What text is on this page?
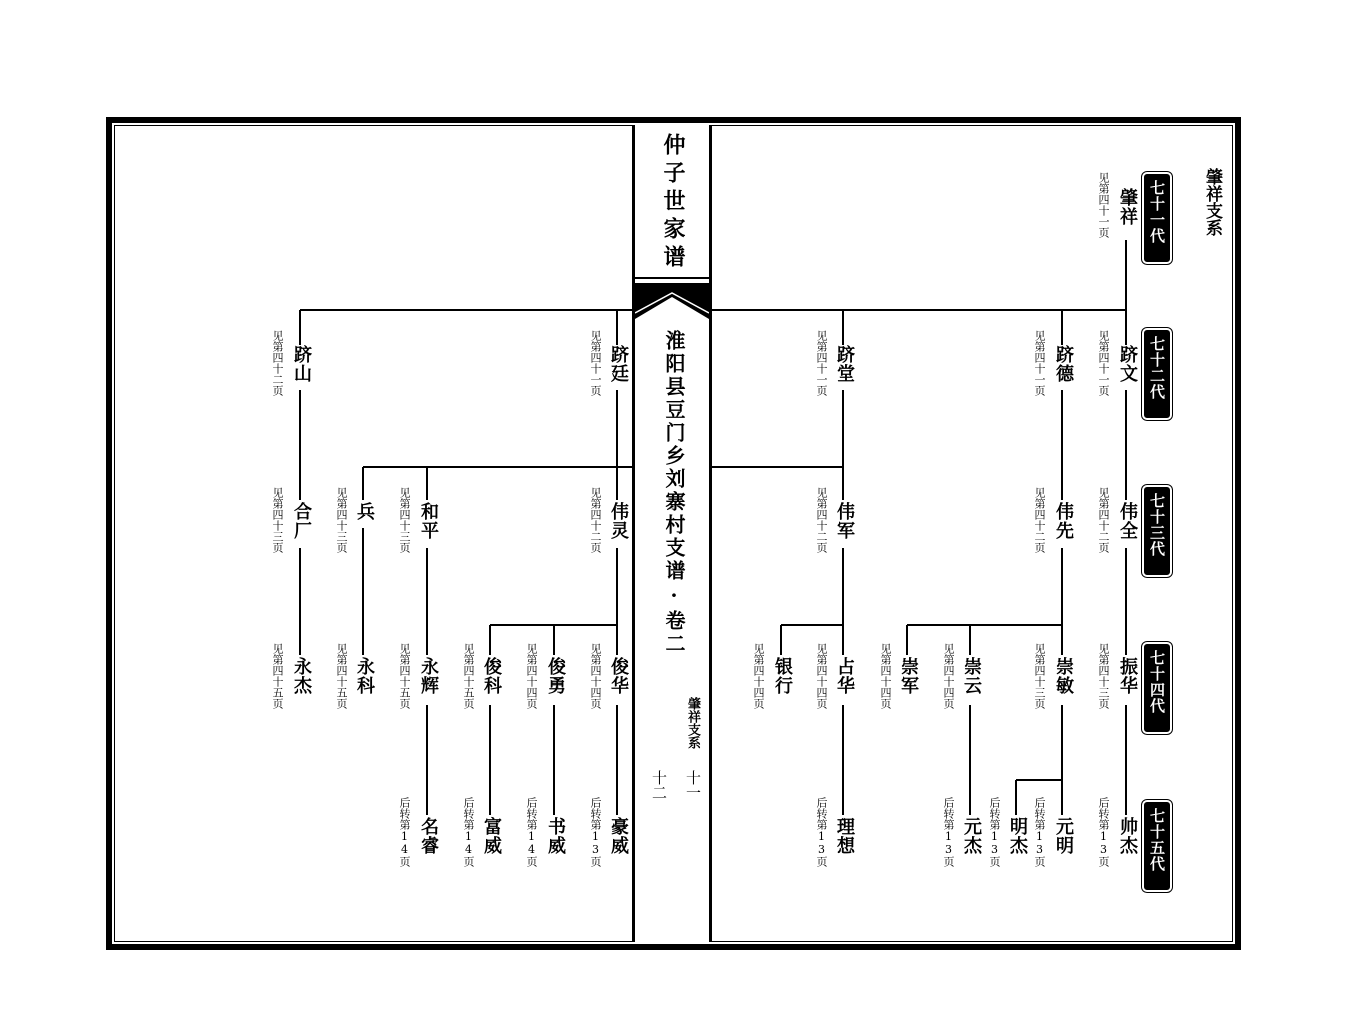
仲子世家谱
淮阳县豆门乡刘寨村支谱·卷二
肇祥支系
十一
十二
肇祥支系
七十一代
七十二代
七十三代
七十四代
七十五代
肇祥
见第四十一页
跻文
见第四十一页
跻德
见第四十一页
跻堂
见第四十一页
跻廷
见第四十一页
跻山
见第四十二页
伟全
见第四十二页
伟先
见第四十二页
伟军
见第四十二页
伟灵
见第四十二页
和平
见第四十三页
兵
见第四十三页
合厂
见第四十三页
振华
见第四十三页
崇敏
见第四十三页
崇云
见第四十四页
崇军
见第四十四页
占华
见第四十四页
银行
见第四十四页
俊华
见第四十四页
俊勇
见第四十四页
俊科
见第四十五页
永辉
见第四十五页
永科
见第四十五页
永杰
见第四十五页
帅杰
后转第13页
元明
后转第13页
明杰
后转第13页
元杰
后转第13页
理想
后转第13页
豪威
后转第13页
书威
后转第14页
富威
后转第14页
名睿
后转第14页
